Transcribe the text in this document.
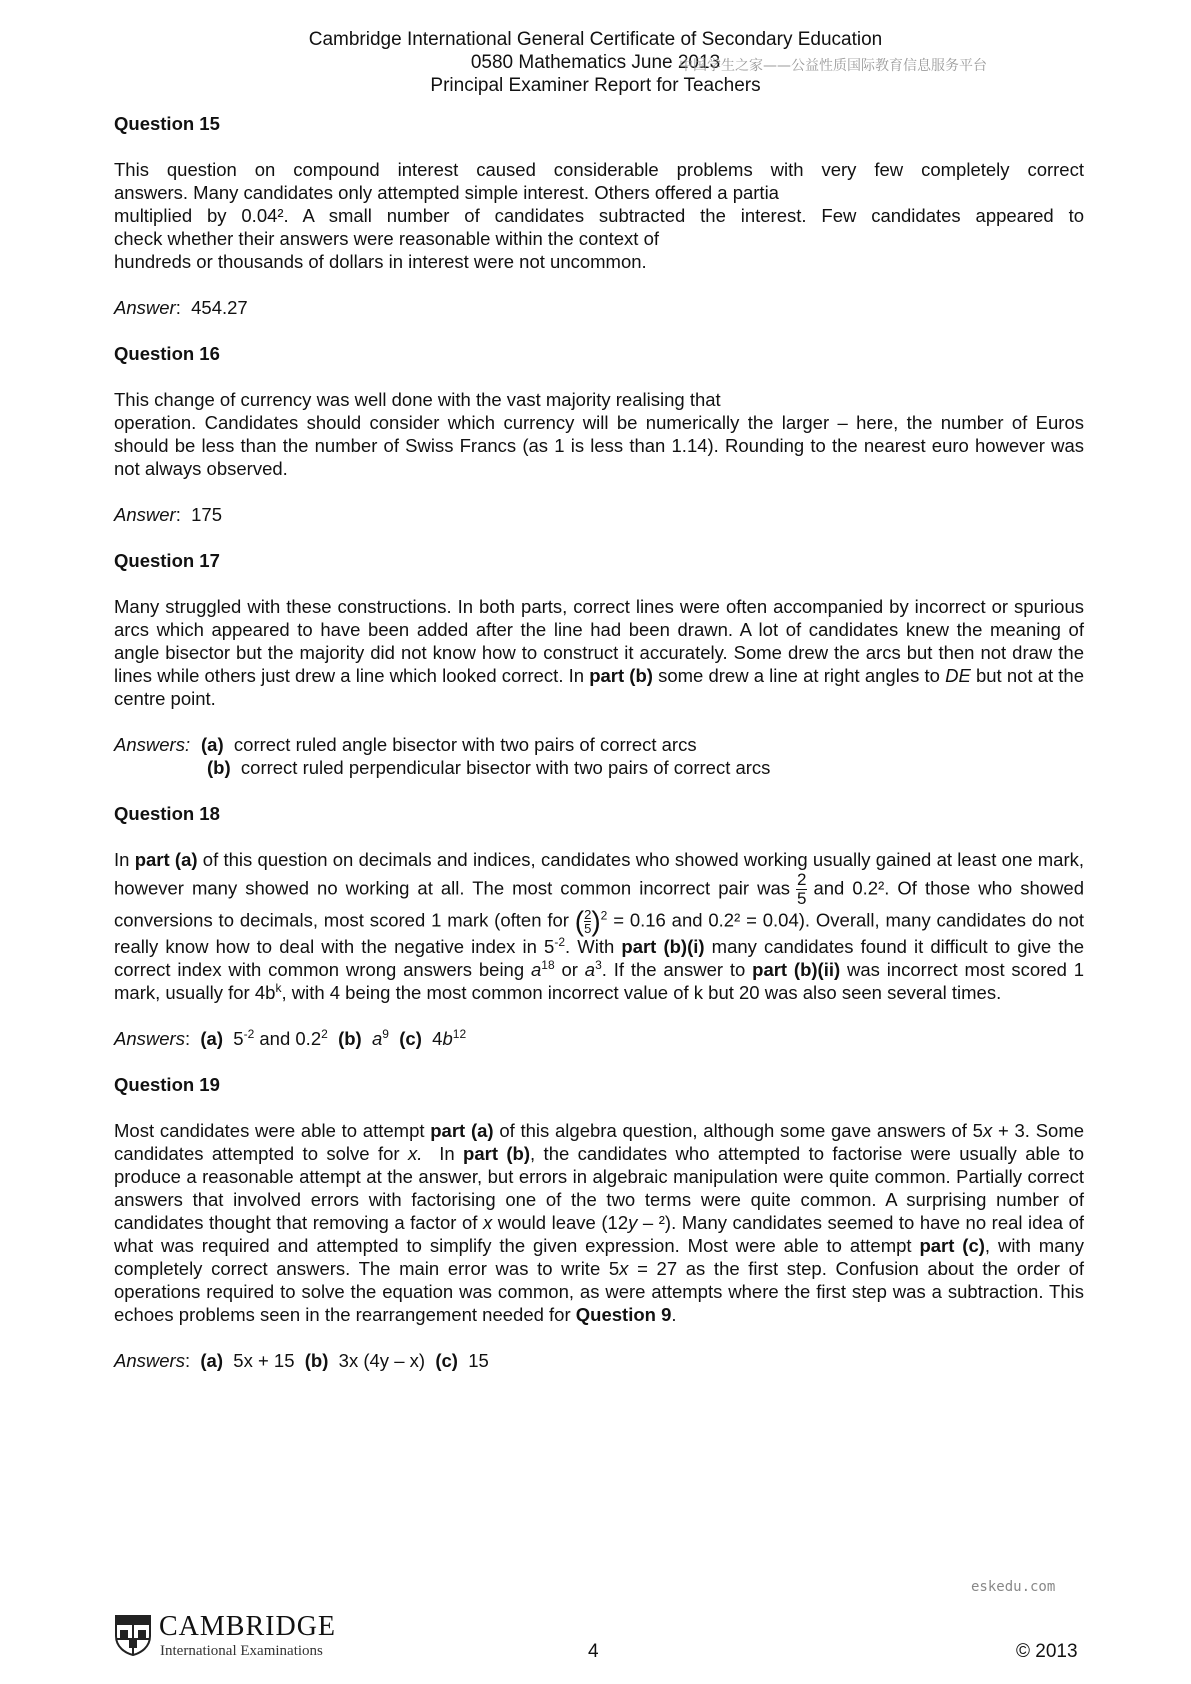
Cambridge International General Certificate of Secondary Education
0580 Mathematics June 2013
Principal Examiner Report for Teachers
中国学生之家——公益性质国际教育信息服务平台
Question 15

This question on compound interest caused considerable problems with very few completely correct
answers. Many candidates only attempted simple interest. Others offered a partia
multiplied by 0.04². A small number of candidates subtracted the interest. Few candidates appeared to
check whether their answers were reasonable within the context of
hundreds or thousands of dollars in interest were not uncommon.

Answer:  454.27
Question 16

This change of currency was well done with the vast majority realising that
operation. Candidates should consider which currency will be numerically the larger – here, the number of Euros should be less than the number of Swiss Francs (as 1 is less than 1.14). Rounding to the nearest euro however was not always observed.

Answer:  175
Question 17

Many struggled with these constructions. In both parts, correct lines were often accompanied by incorrect or spurious arcs which appeared to have been added after the line had been drawn. A lot of candidates knew the meaning of angle bisector but the majority did not know how to construct it accurately. Some drew the arcs but then not draw the lines while others just drew a line which looked correct. In part (b) some drew a line at right angles to DE but not at the centre point.

Answers: (a) correct ruled angle bisector with two pairs of correct arcs
(b) correct ruled perpendicular bisector with two pairs of correct arcs
Question 18

In part (a) of this question on decimals and indices, candidates who showed working usually gained at least one mark, however many showed no working at all. The most common incorrect pair was $\frac{2}{5}$ and 0.2². Of those who showed conversions to decimals, most scored 1 mark (often for ( $\frac{2}{5})^2 = 0.16$ and 0.2² = 0.04). Overall, many candidates do not really know how to deal with the negative index in $5^{-2}$. With part (b)(i) many candidates found it difficult to give the correct index with common wrong answers being $a^{18}$ or $a^3$. If the answer to part (b)(ii) was incorrect most scored 1 mark, usually for $4b^k$, with 4 being the most common incorrect value of k but 20 was also seen several times.

Answers:  (a) $5^{-2}$ and $0.2^2$ (b) $a^9$ (c) $4b^{12}$
Question 19

Most candidates were able to attempt part (a) of this algebra question, although some gave answers of 5x + 3. Some candidates attempted to solve for x. In part (b), the candidates who attempted to factorise were usually able to produce a reasonable attempt at the answer, but errors in algebraic manipulation were quite common. Partially correct answers that involved errors with factorising one of the two terms were quite common. A surprising number of candidates thought that removing a factor of x would leave (12y – ²). Many candidates seemed to have no real idea of what was required and attempted to simplify the given expression. Most were able to attempt part (c), with many completely correct answers. The main error was to write 5x = 27 as the first step. Confusion about the order of operations required to solve the equation was common, as were attempts where the first step was a subtraction. This echoes problems seen in the rearrangement needed for Question 9.

Answers:  (a) 5x + 15 (b) 3x (4y – x) (c) 15
eskedu.com
CAMBRIDGE
International Examinations	4	© 2013
